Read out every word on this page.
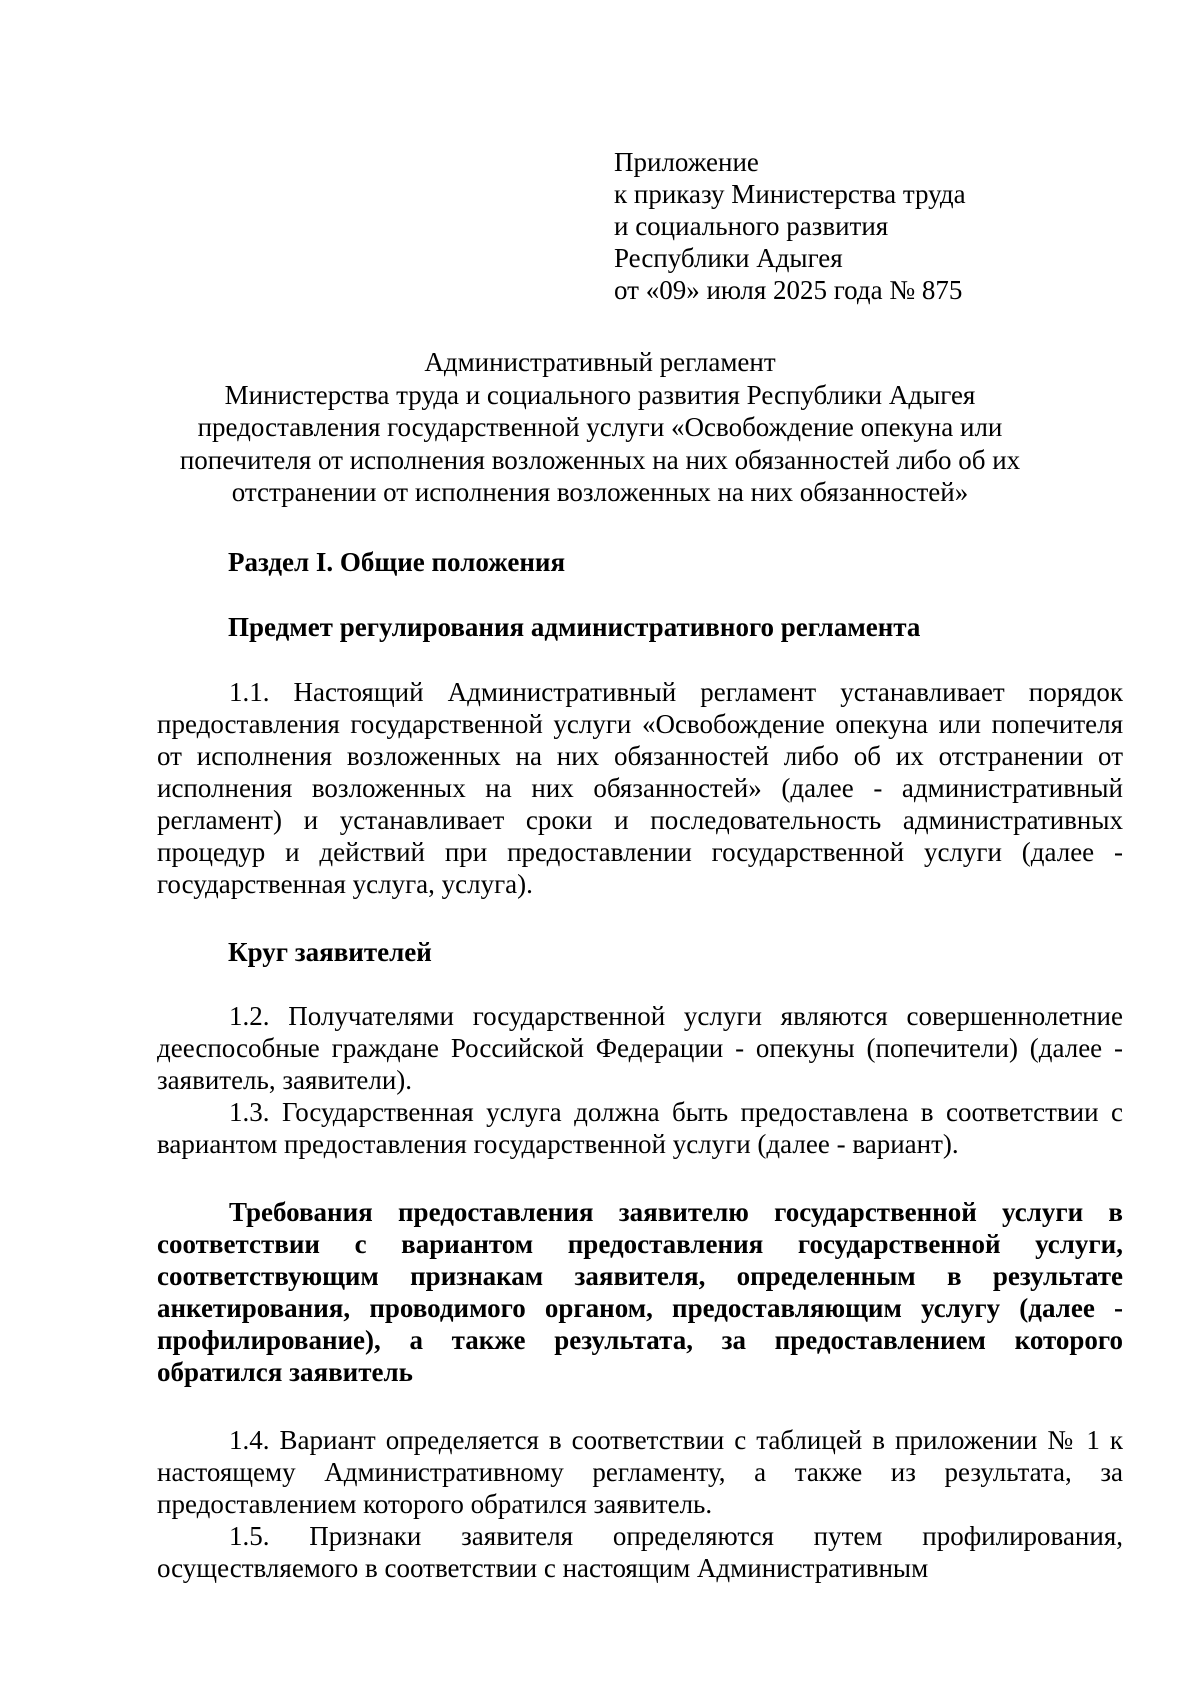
Приложение
к приказу Министерства труда
и социального развития
Республики Адыгея
от «09» июля 2025 года № 875
Административный регламент
Министерства труда и социального развития Республики Адыгея
предоставления государственной услуги «Освобождение опекуна или
попечителя от исполнения возложенных на них обязанностей либо об их
отстранении от исполнения возложенных на них обязанностей»
Раздел I. Общие положения
Предмет регулирования административного регламента
1.1. Настоящий Административный регламент устанавливает порядок предоставления государственной услуги «Освобождение опекуна или попечителя от исполнения возложенных на них обязанностей либо об их отстранении от исполнения возложенных на них обязанностей» (далее - административный регламент) и устанавливает сроки и последовательность административных процедур и действий при предоставлении государственной услуги (далее - государственная услуга, услуга).
Круг заявителей
1.2. Получателями государственной услуги являются совершеннолетние дееспособные граждане Российской Федерации - опекуны (попечители) (далее - заявитель, заявители).
1.3. Государственная услуга должна быть предоставлена в соответствии с вариантом предоставления государственной услуги (далее - вариант).
Требования предоставления заявителю государственной услуги в соответствии с вариантом предоставления государственной услуги, соответствующим признакам заявителя, определенным в результате анкетирования, проводимого органом, предоставляющим услугу (далее - профилирование), а также результата, за предоставлением которого обратился заявитель
1.4. Вариант определяется в соответствии с таблицей в приложении № 1 к настоящему Административному регламенту, а также из результата, за предоставлением которого обратился заявитель.
1.5. Признаки заявителя определяются путем профилирования, осуществляемого в соответствии с настоящим Административным
